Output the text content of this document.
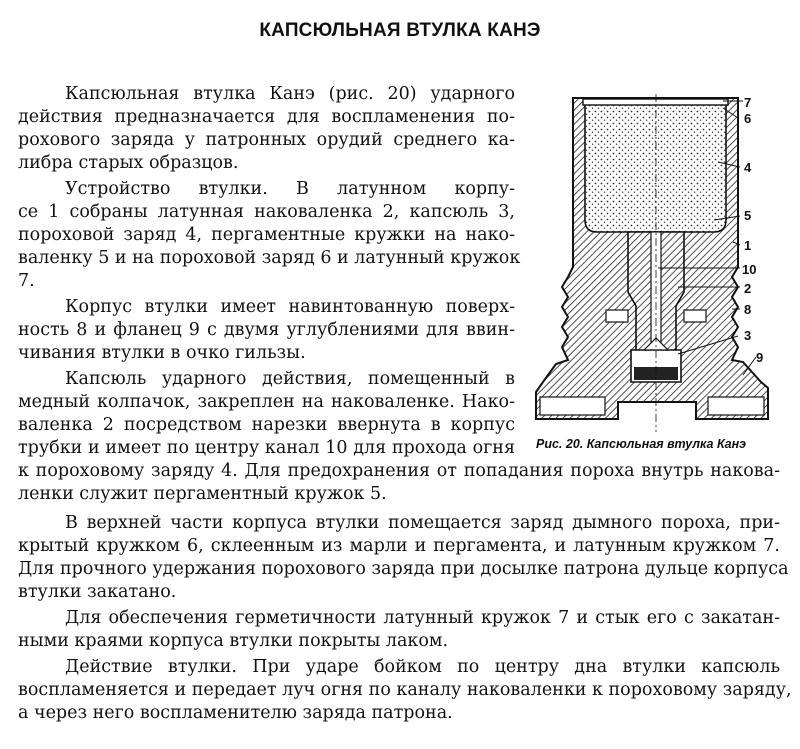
КАПСЮЛЬНАЯ ВТУЛКА КАНЭ
Капсюльная втулка Канэ (рис. 20) ударного
действия предназначается для воспламенения по-
рохового заряда у патронных орудий среднего ка-
либра старых образцов.
Устройство втулки. В латунном корпу-
се 1 собраны латунная наковаленка 2, капсюль 3,
пороховой заряд 4, пергаментные кружки на нако-
валенку 5 и на пороховой заряд 6 и латунный кружок
7.
Корпус втулки имеет навинтованную поверх-
ность 8 и фланец 9 с двумя углублениями для ввин-
чивания втулки в очко гильзы.
Капсюль ударного действия, помещенный в
медный колпачок, закреплен на наковаленке. Нако-
валенка 2 посредством нарезки ввернута в корпус
трубки и имеет по центру канал 10 для прохода огня
к пороховому заряду 4. Для предохранения от попадания пороха внутрь накова-
ленки служит пергаментный кружок 5.
В верхней части корпуса втулки помещается заряд дымного пороха, при-
крытый кружком 6, склеенным из марли и пергамента, и латунным кружком 7.
Для прочного удержания порохового заряда при досылке патрона дульце корпуса
втулки закатано.
Для обеспечения герметичности латунный кружок 7 и стык его с закатан-
ными краями корпуса втулки покрыты лаком.
Действие втулки. При ударе бойком по центру дна втулки капсюль
воспламеняется и передает луч огня по каналу наковаленки к пороховому заряду,
а через него воспламенителю заряда патрона.
7
6
4
5
1
10
2
8
3
9
Рис. 20. Капсюльная втулка Канэ
